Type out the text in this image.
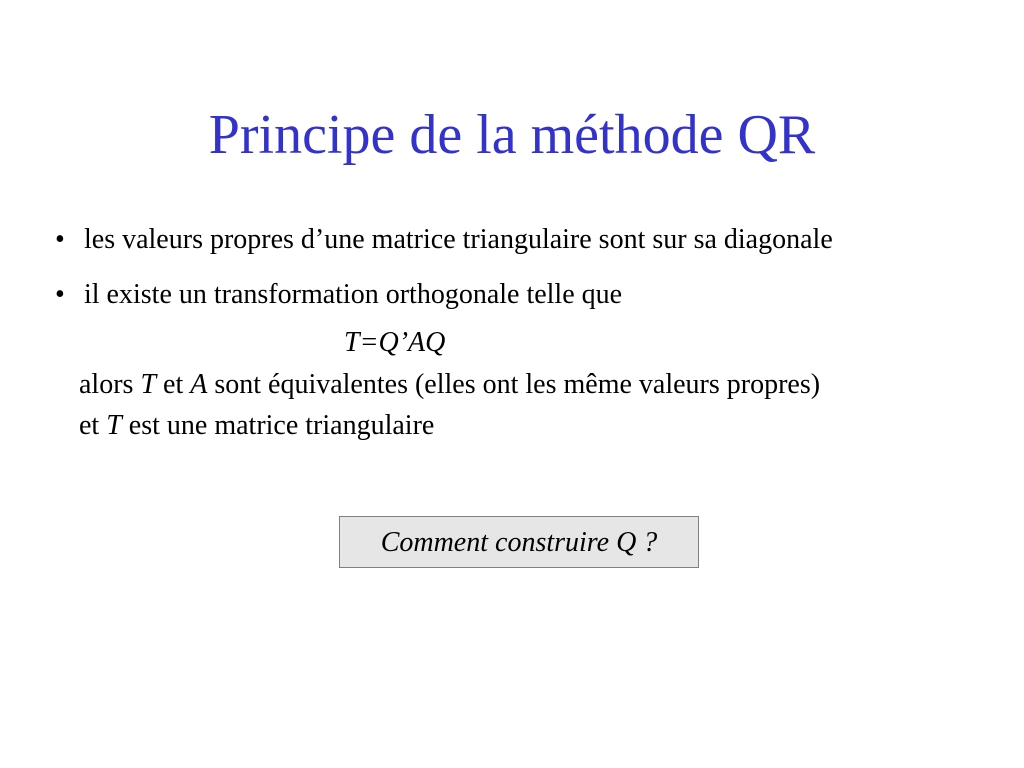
Principe de la méthode QR
• les valeurs propres d’une matrice triangulaire sont sur sa diagonale
• il existe un transformation orthogonale telle que
T=Q’AQ
alors T et A sont équivalentes (elles ont les même valeurs propres)
et T est une matrice triangulaire
Comment construire Q ?
